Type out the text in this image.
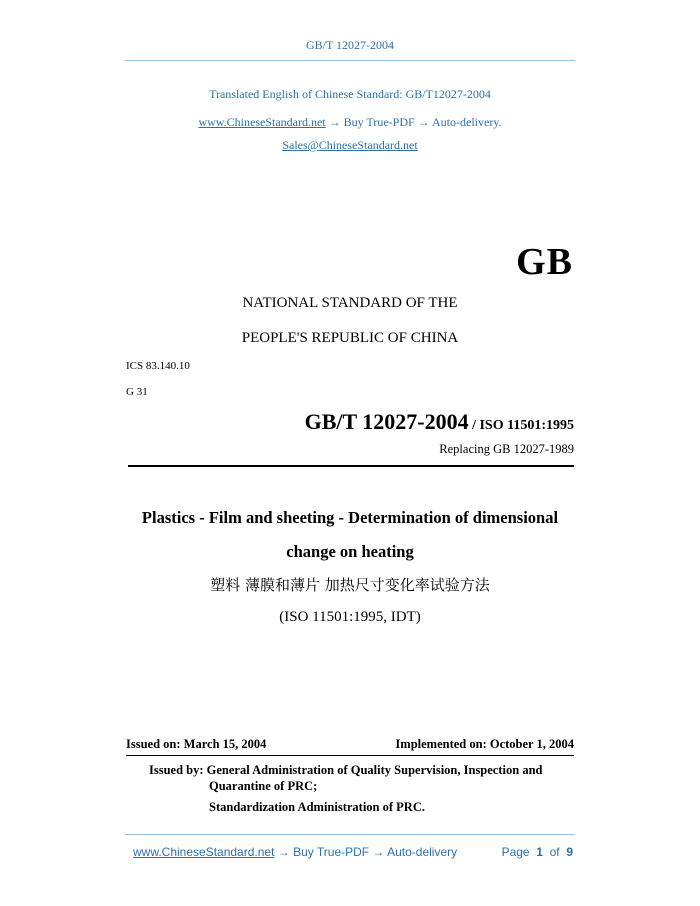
GB/T 12027-2004
Translated English of Chinese Standard: GB/T12027-2004
www.ChineseStandard.net → Buy True-PDF → Auto-delivery.
Sales@ChineseStandard.net
GB
NATIONAL STANDARD OF THE
PEOPLE'S REPUBLIC OF CHINA
ICS 83.140.10
G 31
GB/T 12027-2004 / ISO 11501:1995
Replacing GB 12027-1989
Plastics - Film and sheeting - Determination of dimensional
change on heating
塑料 薄膜和薄片 加热尺寸变化率试验方法
(ISO 11501:1995, IDT)
Issued on: March 15, 2004	Implemented on: October 1, 2004
Issued by: General Administration of Quality Supervision, Inspection and
Quarantine of PRC;
Standardization Administration of PRC.
www.ChineseStandard.net → Buy True-PDF → Auto-delivery	Page 1 of 9
